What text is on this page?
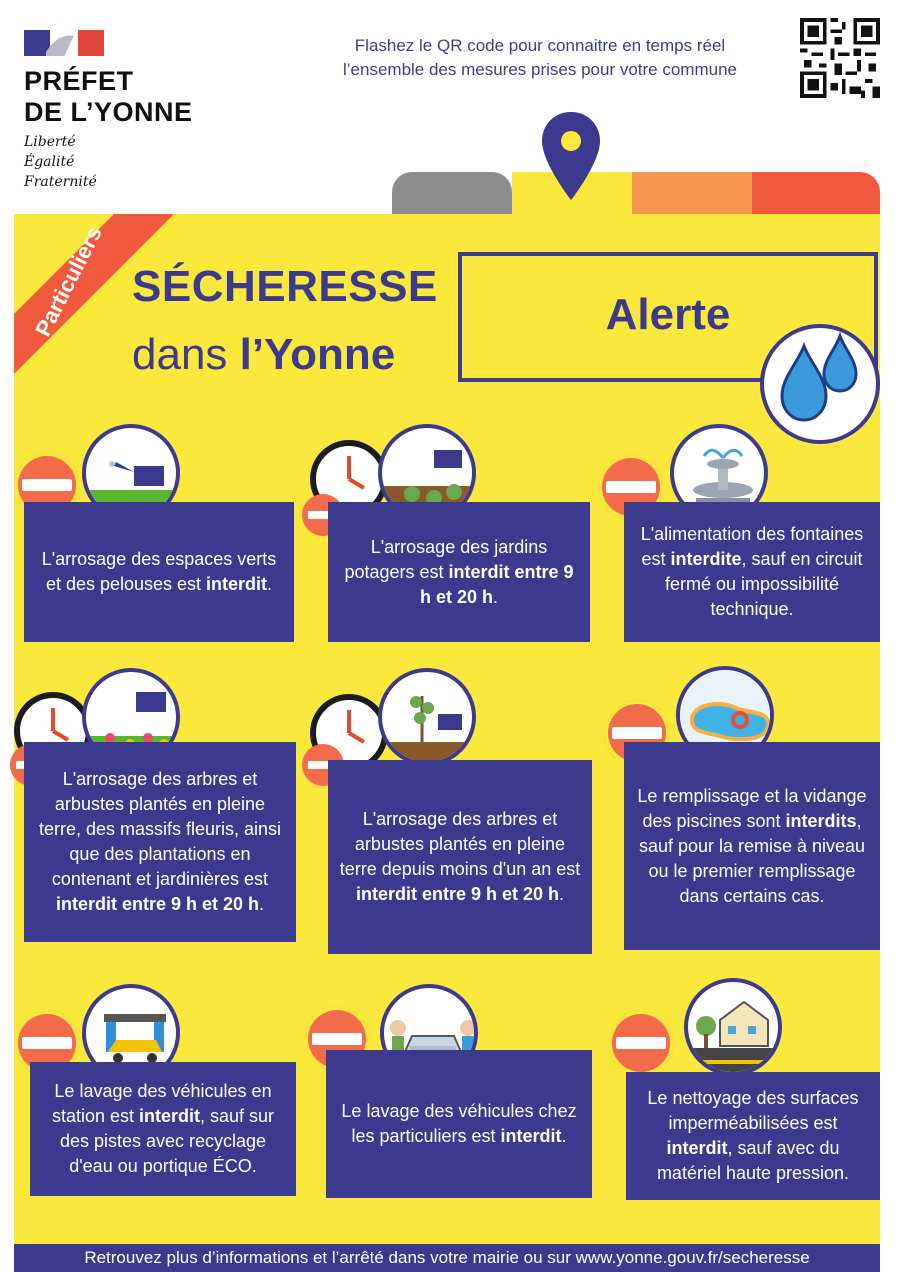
PRÉFET
DE L’YONNE
Liberté
Égalité
Fraternité
Flashez le QR code pour connaitre en temps réel
l’ensemble des mesures prises pour votre commune
Particuliers SÉCHERESSE
dans l’Yonne
Alerte
L'arrosage des espaces verts et des pelouses est interdit.
L'arrosage des jardins potagers est interdit entre 9 h et 20 h.
L'alimentation des fontaines est interdite, sauf en circuit fermé ou impossibilité technique.
L'arrosage des arbres et arbustes plantés en pleine terre, des massifs fleuris, ainsi que des plantations en contenant et jardinières est interdit entre 9 h et 20 h.
L'arrosage des arbres et arbustes plantés en pleine terre depuis moins d'un an est interdit entre 9 h et 20 h.
Le remplissage et la vidange des piscines sont interdits, sauf pour la remise à niveau ou le premier remplissage dans certains cas.
Le lavage des véhicules en station est interdit, sauf sur des pistes avec recyclage d'eau ou portique ÉCO.
Le lavage des véhicules chez les particuliers est interdit.
Le nettoyage des surfaces imperméabilisées est interdit, sauf avec du matériel haute pression.
Retrouvez plus d’informations et l’arrêté dans votre mairie ou sur www.yonne.gouv.fr/secheresse
